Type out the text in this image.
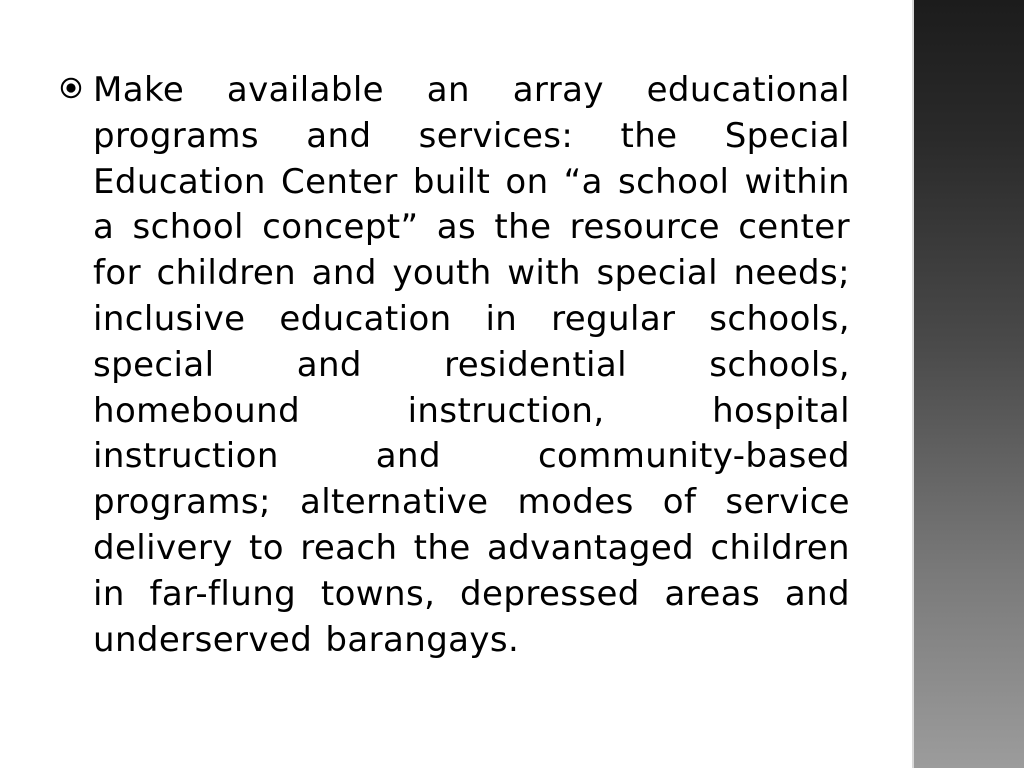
Make available an array educational programs and services: the Special Education Center built on “a school within a school concept” as the resource center for children and youth with special needs; inclusive education in regular schools, special and residential schools, homebound instruction, hospital instruction and community-based programs; alternative modes of service delivery to reach the advantaged children in far-flung towns, depressed areas and underserved barangays.
